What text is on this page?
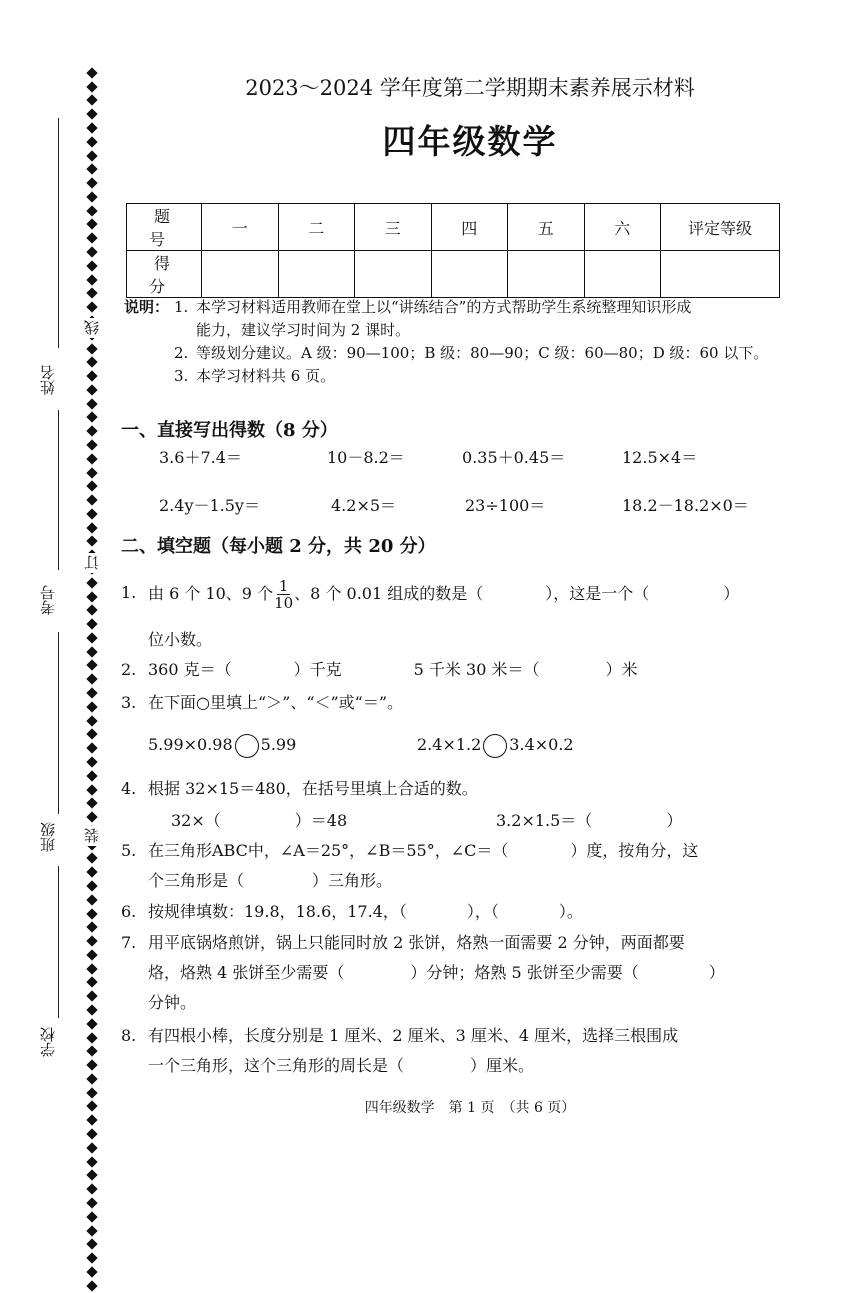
姓名
考号
班级
学校
线
订
装
2023～2024 学年度第二学期期末素养展示材料
四年级数学
题 号	一	二	三	四	五	六	评定等级
得 分							
说明： 1. 本学习材料适用教师在堂上以“讲练结合”的方式帮助学生系统整理知识形成
能力，建议学习时间为 2 课时。
2. 等级划分建议。A 级：90—100；B 级：80—90；C 级：60—80；D 级：60 以下。
3. 本学习材料共 6 页。
一、直接写出得数（8 分）
3.6＋7.4＝	10－8.2＝	0.35＋0.45＝	12.5×4＝
2.4y－1.5y＝	4.2×5＝	23÷100＝	18.2－18.2×0＝
二、填空题（每小题 2 分，共 20 分）
1. 由 6 个 10、9 个 $\frac{1}{10}$ 、8 个 0.01 组成的数是（	），这是一个（	）
位小数。
2. 360 克＝（	）千克	5 千米 30 米＝（	）米
3. 在下面○里填上“＞”、“＜”或“＝”。
5.99×0.98 5.99	2.4×1.2 3.4×0.2
4. 根据 32×15＝480，在括号里填上合适的数。
32×（	）＝48	3.2×1.5＝（	）
5. 在三角形ABC中，∠A＝25°，∠B＝55°，∠C＝（	）度，按角分，这
个三角形是（	）三角形。
6. 按规律填数：19.8，18.6，17.4，（	），（	）。
7. 用平底锅烙煎饼，锅上只能同时放 2 张饼，烙熟一面需要 2 分钟，两面都要
烙，烙熟 4 张饼至少需要（	）分钟；烙熟 5 张饼至少需要（	）
分钟。
8. 有四根小棒，长度分别是 1 厘米、2 厘米、3 厘米、4 厘米，选择三根围成
一个三角形，这个三角形的周长是（	）厘米。
四年级数学　第 1 页　（共 6 页）
